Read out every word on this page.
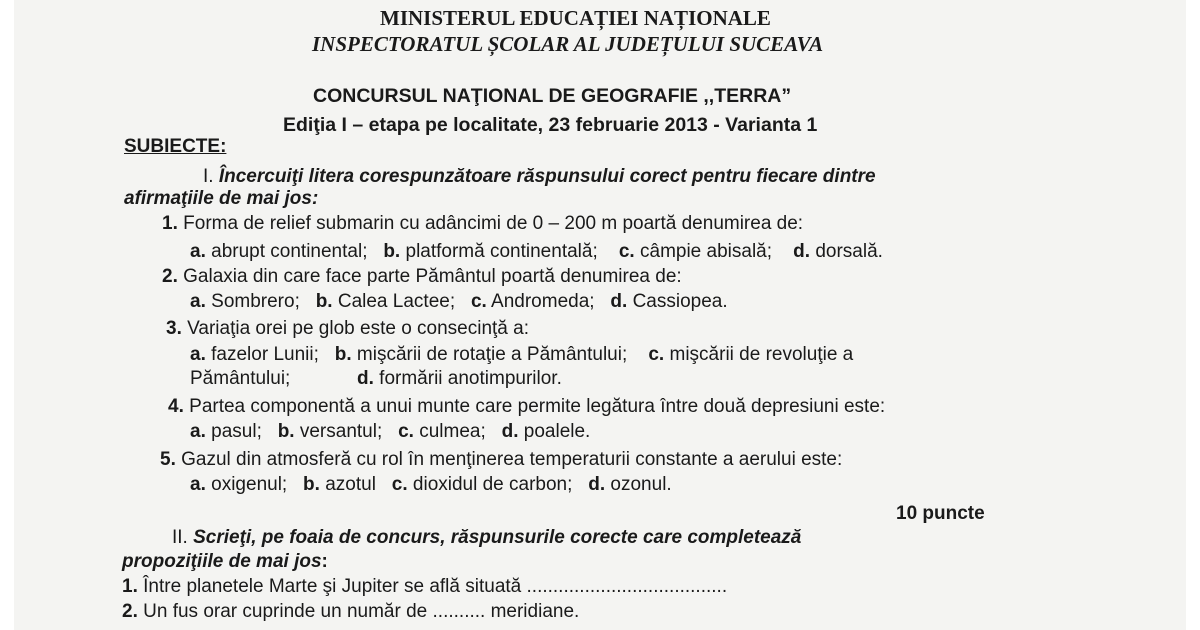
MINISTERUL EDUCAȚIEI NAȚIONALE
INSPECTORATUL ȘCOLAR AL JUDEȚULUI SUCEAVA
CONCURSUL NAŢIONAL DE GEOGRAFIE ,,TERRA”
Ediţia I – etapa pe localitate, 23 februarie 2013 - Varianta 1
SUBIECTE:
I. Încercuiţi litera corespunzătoare răspunsului corect pentru fiecare dintre
afirmaţiile de mai jos:
1. Forma de relief submarin cu adâncimi de 0 – 200 m poartă denumirea de:
a. abrupt continental; b. platformă continentală; c. câmpie abisală; d. dorsală.
2. Galaxia din care face parte Pământul poartă denumirea de:
a. Sombrero; b. Calea Lactee; c. Andromeda; d. Cassiopea.
3. Variaţia orei pe glob este o consecinţă a:
a. fazelor Lunii; b. mişcării de rotaţie a Pământului; c. mişcării de revoluţie a
Pământului;	d. formării anotimpurilor.
4. Partea componentă a unui munte care permite legătura între două depresiuni este:
a. pasul; b. versantul; c. culmea; d. poalele.
5. Gazul din atmosferă cu rol în menţinerea temperaturii constante a aerului este:
a. oxigenul; b. azotul c. dioxidul de carbon; d. ozonul.
10 puncte
II. Scrieţi, pe foaia de concurs, răspunsurile corecte care completează
propoziţiile de mai jos:
1. Între planetele Marte şi Jupiter se află situată ......................................
2. Un fus orar cuprinde un număr de .......... meridiane.
